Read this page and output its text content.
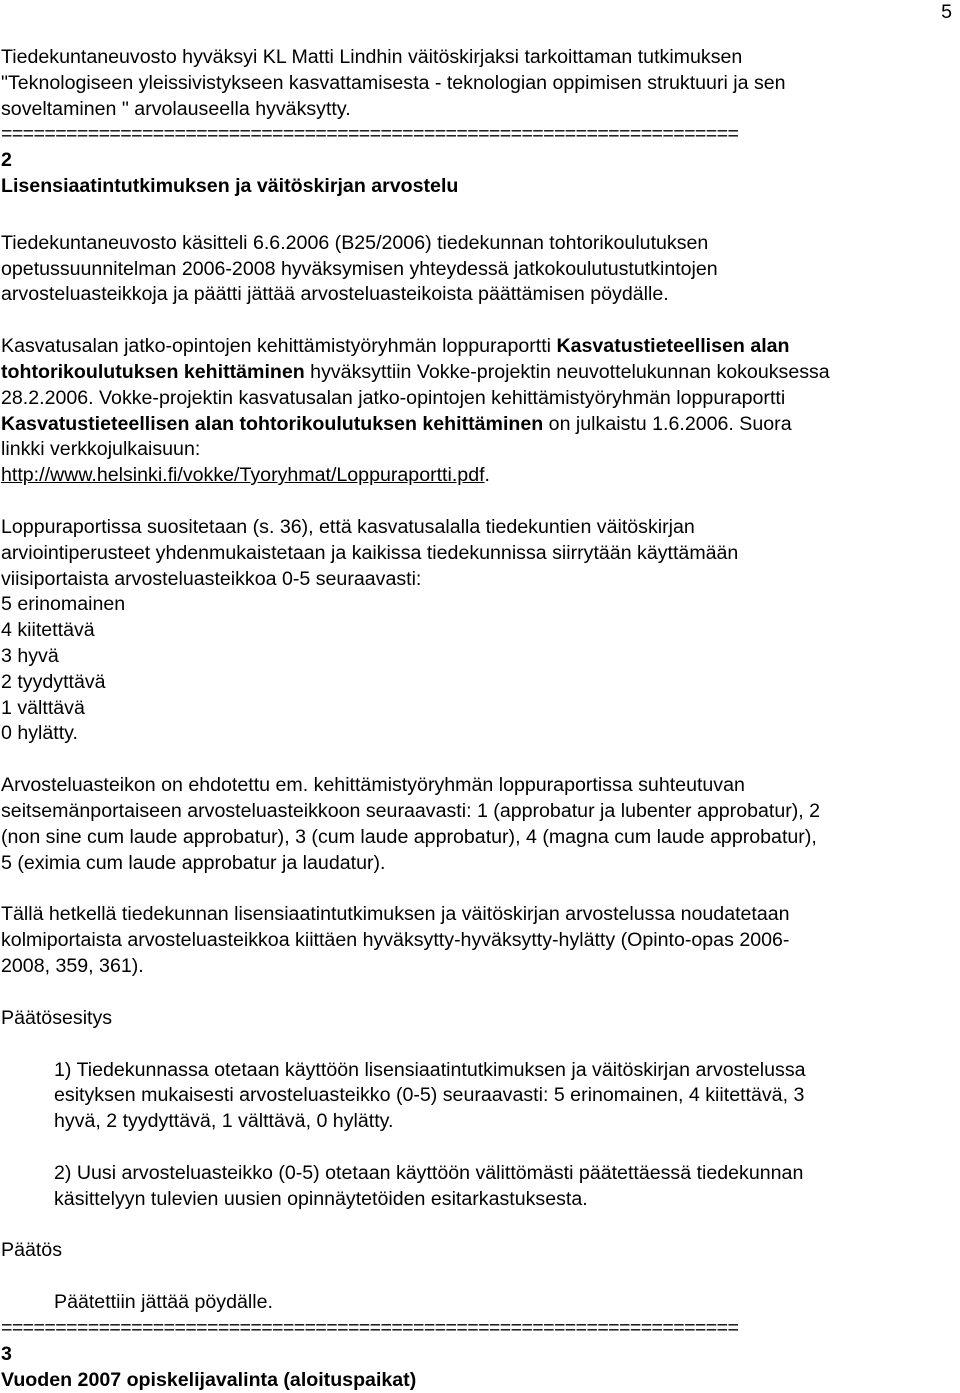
5

Tiedekuntaneuvosto hyväksyi KL Matti Lindhin väitöskirjaksi tarkoittaman tutkimuksen

"Teknologiseen yleissivistykseen kasvattamisesta - teknologian oppimisen struktuuri ja sen

soveltaminen " arvolauseella hyväksytty.

====================================================================

2

Lisensiaatintutkimuksen ja väitöskirjan arvostelu

Tiedekuntaneuvosto käsitteli 6.6.2006 (B25/2006) tiedekunnan tohtorikoulutuksen

opetussuunnitelman 2006-2008 hyväksymisen yhteydessä jatkokoulutustutkintojen

arvosteluasteikkoja ja päätti jättää arvosteluasteikoista päättämisen pöydälle.

Kasvatusalan jatko-opintojen kehittämistyöryhmän loppuraportti Kasvatustieteellisen alan

tohtorikoulutuksen kehittäminen hyväksyttiin Vokke-projektin neuvottelukunnan kokouksessa

28.2.2006. Vokke-projektin kasvatusalan jatko-opintojen kehittämistyöryhmän loppuraportti

Kasvatustieteellisen alan tohtorikoulutuksen kehittäminen on julkaistu 1.6.2006. Suora

linkki verkkojulkaisuun:

http://www.helsinki.fi/vokke/Tyoryhmat/Loppuraportti.pdf.

Loppuraportissa suositetaan (s. 36), että kasvatusalalla tiedekuntien väitöskirjan

arviointiperusteet yhdenmukaistetaan ja kaikissa tiedekunnissa siirrytään käyttämään

viisiportaista arvosteluasteikkoa 0-5 seuraavasti:

5 erinomainen

4 kiitettävä

3 hyvä

2 tyydyttävä

1 välttävä

0 hylätty.

Arvosteluasteikon on ehdotettu em. kehittämistyöryhmän loppuraportissa suhteutuvan

seitsemänportaiseen arvosteluasteikkoon seuraavasti: 1 (approbatur ja lubenter approbatur), 2

(non sine cum laude approbatur), 3 (cum laude approbatur), 4 (magna cum laude approbatur),

5 (eximia cum laude approbatur ja laudatur).

Tällä hetkellä tiedekunnan lisensiaatintutkimuksen ja väitöskirjan arvostelussa noudatetaan

kolmiportaista arvosteluasteikkoa kiittäen hyväksytty-hyväksytty-hylätty (Opinto-opas 2006-

2008, 359, 361).

Päätösesitys

1) Tiedekunnassa otetaan käyttöön lisensiaatintutkimuksen ja väitöskirjan arvostelussa

esityksen mukaisesti arvosteluasteikko (0-5) seuraavasti: 5 erinomainen, 4 kiitettävä, 3

hyvä, 2 tyydyttävä, 1 välttävä, 0 hylätty.

2) Uusi arvosteluasteikko (0-5) otetaan käyttöön välittömästi päätettäessä tiedekunnan

käsittelyyn tulevien uusien opinnäytetöiden esitarkastuksesta.

Päätös

Päätettiin jättää pöydälle.

====================================================================

3

Vuoden 2007 opiskelijavalinta (aloituspaikat)
